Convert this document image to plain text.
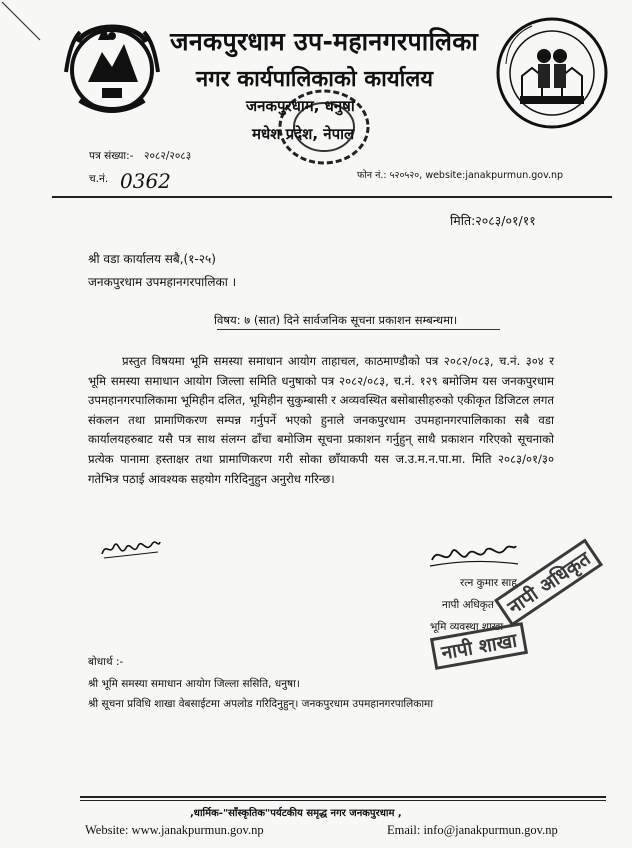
जनकपुरधाम उप-महानगरपालिका
नगर कार्यपालिकाको कार्यालय
जनकपुरधाम, धनुषा
मधेश प्रदेश, नेपाल
पत्र संख्या:- २०८२/२०८३
च.नं. 0362	फोन नं.: ५२०५२०, website:janakpurmun.gov.np
मिति:२०८३/०१/११
श्री वडा कार्यालय सबै,(१-२५)
जनकपुरधाम उपमहानगरपालिका ।
विषय: ७ (सात) दिने सार्वजनिक सूचना प्रकाशन सम्बन्धमा।

प्रस्तुत विषयमा भूमि समस्या समाधान आयोग ताहाचल, काठमाण्डौको पत्र २०८२/०८३, च.नं. ३०४ र भूमि समस्या समाधान आयोग जिल्ला समिति धनुषाको पत्र २०८२/०८३, च.नं. १२९ बमोजिम यस जनकपुरधाम उपमहानगरपालिकामा भूमिहीन दलित, भूमिहीन सुकुम्बासी र अव्यवस्थित बसोबासीहरुको एकीकृत डिजिटल लगत संकलन तथा प्रामाणिकरण सम्पन्न गर्नुपर्ने भएको हुनाले जनकपुरधाम उपमहानगरपालिकाका सबै वडा कार्यालयहरुबाट यसै पत्र साथ संलग्न ढाँचा बमोजिम सूचना प्रकाशन गर्नुहुन् साथै प्रकाशन गरिएको सूचनाको प्रत्येक पानामा हस्ताक्षर तथा प्रामाणिकरण गरी सोका छाँयाकपी यस ज.उ.म.न.पा.मा. मिति २०८३/०१/३० गतेभित्र पठाई आवश्यक सहयोग गरिदिनुहुन अनुरोध गरिन्छ।

रत्न कुमार साह
नापी अधिकृत
भूमि व्यवस्था शाखा
नापी अधिकृत
नापी शाखा
बोधार्थ :-
श्री भूमि समस्या समाधान आयोग जिल्ला ससिति, धनुषा।
श्री सूचना प्रविधि शाखा वेबसाईटमा अपलोड गरिदिनुहुन्। जनकपुरधाम उपमहानगरपालिकामा
,धार्मिक-"साँस्कृतिक"पर्यटकीय समृद्ध नगर जनकपुरधाम ,
Website: www.janakpurmun.gov.np	Email: info@janakpurmun.gov.np
